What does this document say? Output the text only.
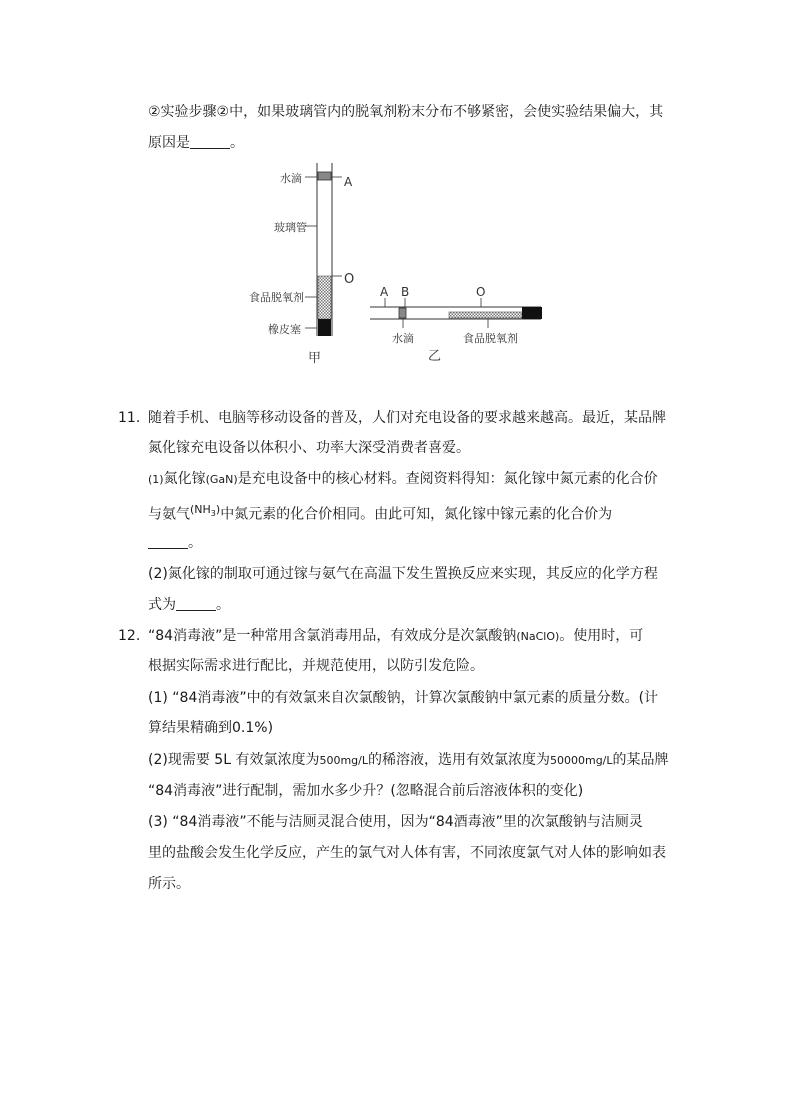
②实验步骤②中，如果玻璃管内的脱氧剂粉末分布不够紧密，会使实验结果偏大，其
原因是	。
水滴
玻璃管
食品脱氧剂
橡皮塞
A
O
甲
A B	O
水滴	食品脱氧剂
乙
11. 随着手机、电脑等移动设备的普及，人们对充电设备的要求越来越高。最近，某品牌
氮化镓充电设备以体积小、功率大深受消费者喜爱。
(1)氮化镓(GaN)是充电设备中的核心材料。查阅资料得知：氮化镓中氮元素的化合价
与氨气$^{(NH_3)}$中氮元素的化合价相同。由此可知，氮化镓中镓元素的化合价为
。
(2)氮化镓的制取可通过镓与氨气在高温下发生置换反应来实现，其反应的化学方程
式为	。
12. “84消毒液”是一种常用含氯消毒用品，有效成分是次氯酸钠(NaClO)。使用时，可
根据实际需求进行配比，并规范使用，以防引发危险。
(1) “84消毒液”中的有效氯来自次氯酸钠，计算次氯酸钠中氯元素的质量分数。(计
算结果精确到0.1%)
(2)现需要 5L 有效氯浓度为500mg/L的稀溶液，选用有效氯浓度为50000mg/L的某品牌
“84消毒液”进行配制，需加水多少升？(忽略混合前后溶液体积的变化)
(3) “84消毒液”不能与洁厕灵混合使用，因为“84酒毒液”里的次氯酸钠与洁厕灵
里的盐酸会发生化学反应，产生的氯气对人体有害，不同浓度氯气对人体的影响如表
所示。
